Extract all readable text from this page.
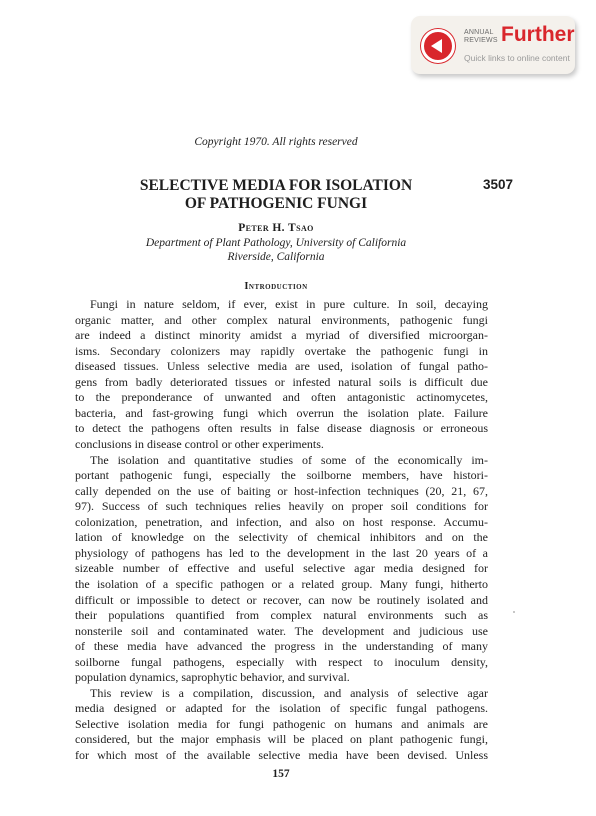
ANNUAL
REVIEWS Further
Quick links to online content
Copyright 1970. All rights reserved
SELECTIVE MEDIA FOR ISOLATION
OF PATHOGENIC FUNGI
3507
Peter H. Tsao
Department of Plant Pathology, University of California
Riverside, California
Introduction
Fungi in nature seldom, if ever, exist in pure culture. In soil, decaying
organic matter, and other complex natural environments, pathogenic fungi
are indeed a distinct minority amidst a myriad of diversified microorgan-
isms. Secondary colonizers may rapidly overtake the pathogenic fungi in
diseased tissues. Unless selective media are used, isolation of fungal patho-
gens from badly deteriorated tissues or infested natural soils is difficult due
to the preponderance of unwanted and often antagonistic actinomycetes,
bacteria, and fast-growing fungi which overrun the isolation plate. Failure
to detect the pathogens often results in false disease diagnosis or erroneous
conclusions in disease control or other experiments.
The isolation and quantitative studies of some of the economically im-
portant pathogenic fungi, especially the soilborne members, have histori-
cally depended on the use of baiting or host-infection techniques (20, 21, 67,
97). Success of such techniques relies heavily on proper soil conditions for
colonization, penetration, and infection, and also on host response. Accumu-
lation of knowledge on the selectivity of chemical inhibitors and on the
physiology of pathogens has led to the development in the last 20 years of a
sizeable number of effective and useful selective agar media designed for
the isolation of a specific pathogen or a related group. Many fungi, hitherto
difficult or impossible to detect or recover, can now be routinely isolated and
their populations quantified from complex natural environments such as
nonsterile soil and contaminated water. The development and judicious use
of these media have advanced the progress in the understanding of many
soilborne fungal pathogens, especially with respect to inoculum density,
population dynamics, saprophytic behavior, and survival.
This review is a compilation, discussion, and analysis of selective agar
media designed or adapted for the isolation of specific fungal pathogens.
Selective isolation media for fungi pathogenic on humans and animals are
considered, but the major emphasis will be placed on plant pathogenic fungi,
for which most of the available selective media have been devised. Unless
157
